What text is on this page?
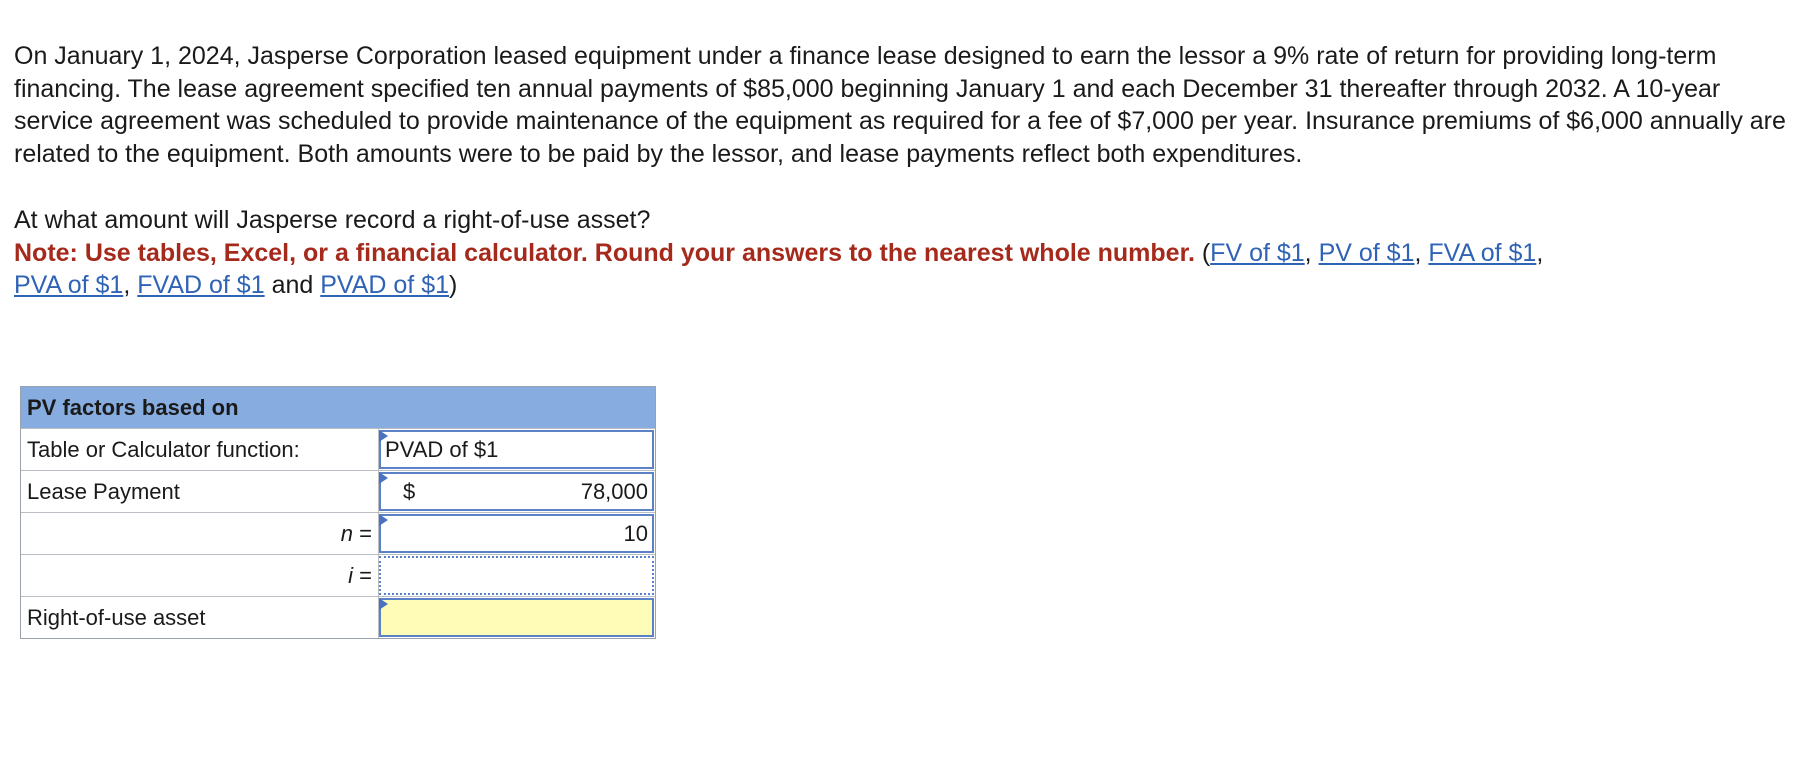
On January 1, 2024, Jasperse Corporation leased equipment under a finance lease designed to earn the lessor a 9% rate of return for providing long-term financing. The lease agreement specified ten annual payments of $85,000 beginning January 1 and each December 31 thereafter through 2032. A 10-year service agreement was scheduled to provide maintenance of the equipment as required for a fee of $7,000 per year. Insurance premiums of $6,000 annually are related to the equipment. Both amounts were to be paid by the lessor, and lease payments reflect both expenditures.

At what amount will Jasperse record a right-of-use asset?

Note: Use tables, Excel, or a financial calculator. Round your answers to the nearest whole number. (FV of $1, PV of $1, FVA of $1,
PVA of $1, FVAD of $1 and PVAD of $1)

PV factors based on
Table or Calculator function:	PVAD of $1
Lease Payment	$	78,000
n =	10
i =
Right-of-use asset
